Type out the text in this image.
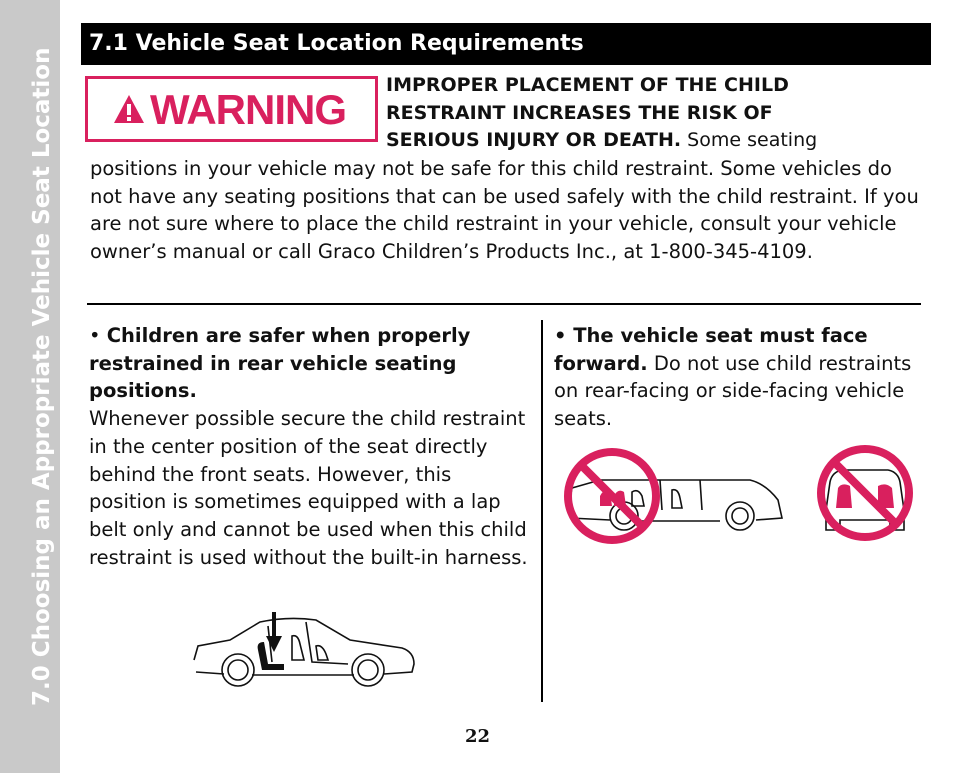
7.0 Choosing an Appropriate Vehicle Seat Location
7.1 Vehicle Seat Location Requirements
WARNING
IMPROPER PLACEMENT OF THE CHILD RESTRAINT INCREASES THE RISK OF SERIOUS INJURY OR DEATH. Some seating
positions in your vehicle may not be safe for this child restraint. Some vehicles do not have any seating positions that can be used safely with the child restraint. If you are not sure where to place the child restraint in your vehicle, consult your vehicle owner’s manual or call Graco Children’s Products Inc., at 1-800-345-4109.
• Children are safer when properly restrained in rear vehicle seating positions.
Whenever possible secure the child restraint in the center position of the seat directly behind the front seats. However, this position is sometimes equipped with a lap belt only and cannot be used when this child restraint is used without the built-in harness.
• The vehicle seat must face forward. Do not use child restraints on rear-facing or side-facing vehicle seats.
22
